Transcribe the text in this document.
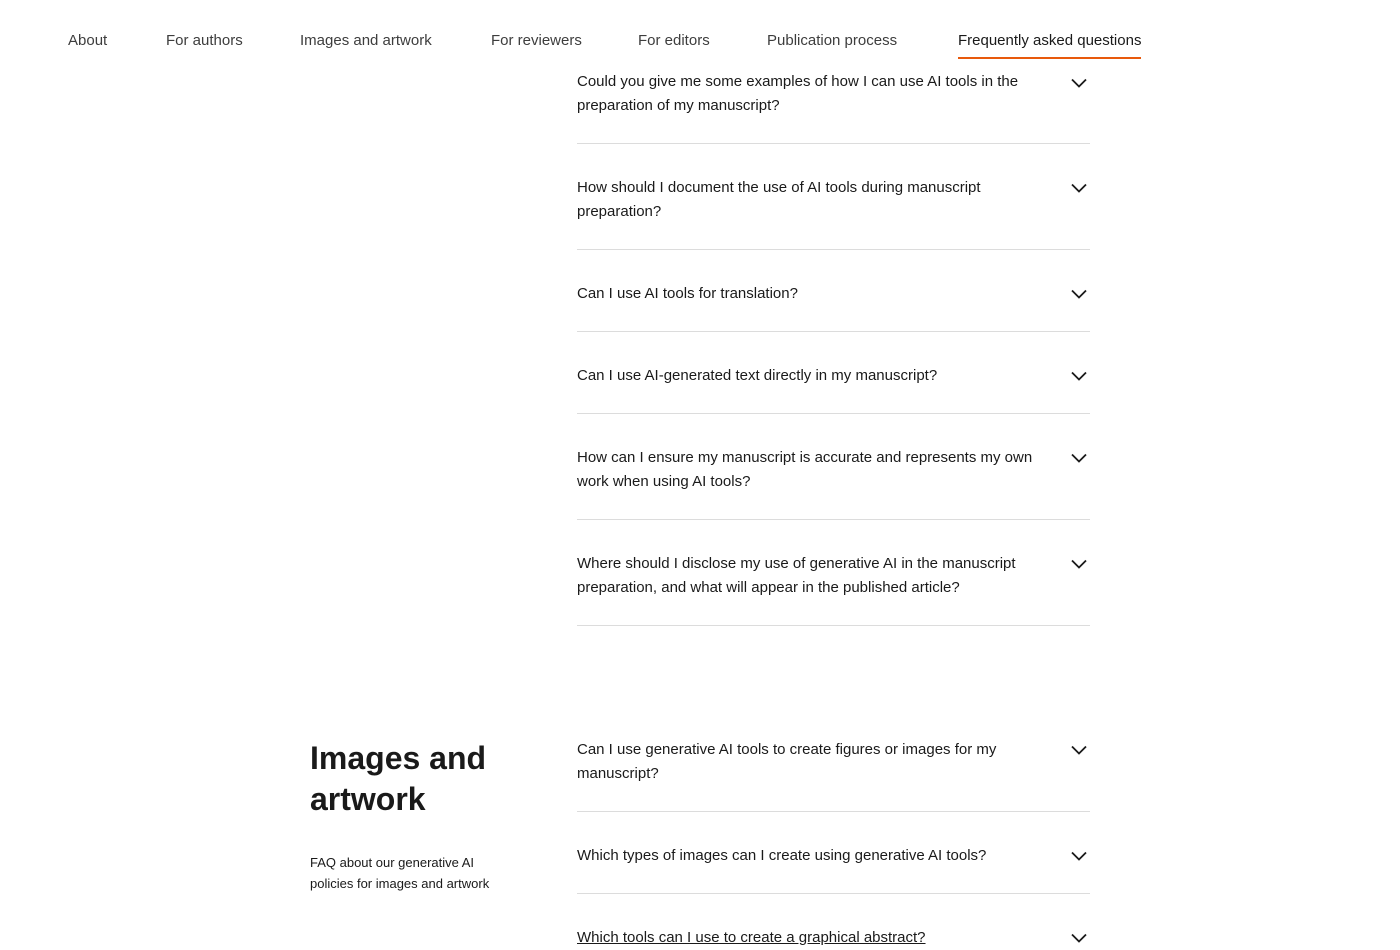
About	For authors	Images and artwork	For reviewers	For editors	Publication process	Frequently asked questions
Could you give me some examples of how I can use AI tools in the preparation of my manuscript?
How should I document the use of AI tools during manuscript preparation?
Can I use AI tools for translation?
Can I use AI-generated text directly in my manuscript?
How can I ensure my manuscript is accurate and represents my own work when using AI tools?
Where should I disclose my use of generative AI in the manuscript preparation, and what will appear in the published article?
Images and artwork

FAQ about our generative AI policies for images and artwork

Can I use generative AI tools to create figures or images for my manuscript?
Which types of images can I create using generative AI tools?
Which tools can I use to create a graphical abstract?
